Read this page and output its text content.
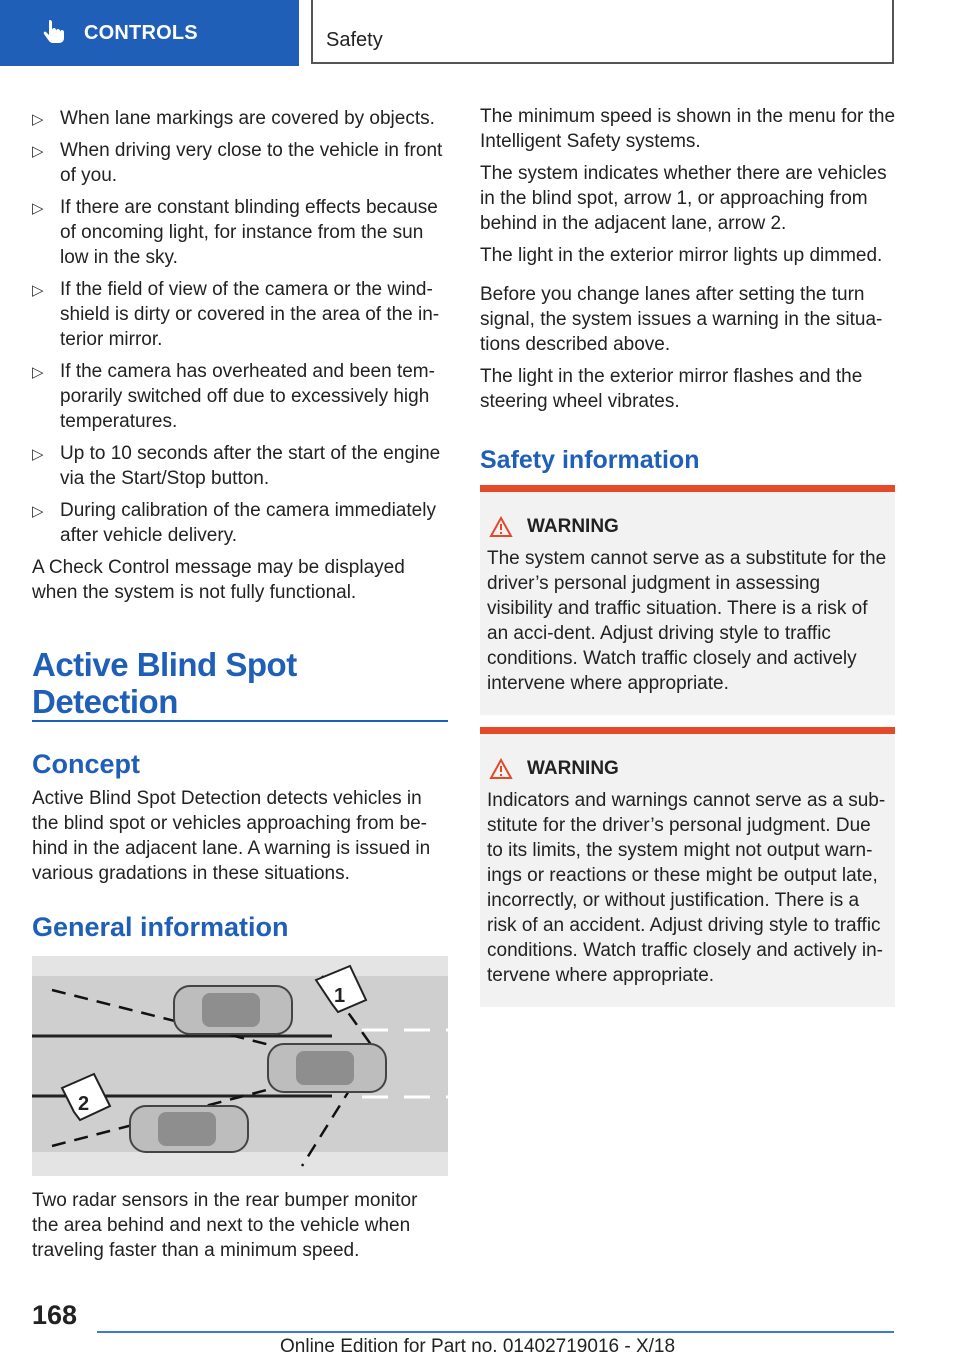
CONTROLS	Safety
▷ When lane markings are covered by objects.
▷ When driving very close to the vehicle in front of you.
▷ If there are constant blinding effects because of oncoming light, for instance from the sun low in the sky.
▷ If the field of view of the camera or the wind-shield is dirty or covered in the area of the in-terior mirror.
▷ If the camera has overheated and been tem-porarily switched off due to excessively high temperatures.
▷ Up to 10 seconds after the start of the engine via the Start/Stop button.
▷ During calibration of the camera immediately after vehicle delivery.

A Check Control message may be displayed when the system is not fully functional.

Active Blind Spot Detection
Concept
Active Blind Spot Detection detects vehicles in the blind spot or vehicles approaching from be-hind in the adjacent lane. A warning is issued in various gradations in these situations.
General information
1
2
Two radar sensors in the rear bumper monitor the area behind and next to the vehicle when traveling faster than a minimum speed.

The minimum speed is shown in the menu for the Intelligent Safety systems.

The system indicates whether there are vehicles in the blind spot, arrow 1, or approaching from behind in the adjacent lane, arrow 2.

The light in the exterior mirror lights up dimmed.

Before you change lanes after setting the turn signal, the system issues a warning in the situa-tions described above.

The light in the exterior mirror flashes and the steering wheel vibrates.

Safety information
WARNING
The system cannot serve as a substitute for the driver’s personal judgment in assessing visibility and traffic situation. There is a risk of an acci-dent. Adjust driving style to traffic conditions. Watch traffic closely and actively intervene where appropriate.
WARNING
Indicators and warnings cannot serve as a sub-stitute for the driver’s personal judgment. Due to its limits, the system might not output warn-ings or reactions or these might be output late, incorrectly, or without justification. There is a risk of an accident. Adjust driving style to traffic conditions. Watch traffic closely and actively in-tervene where appropriate.
168
Online Edition for Part no. 01402719016 - X/18
